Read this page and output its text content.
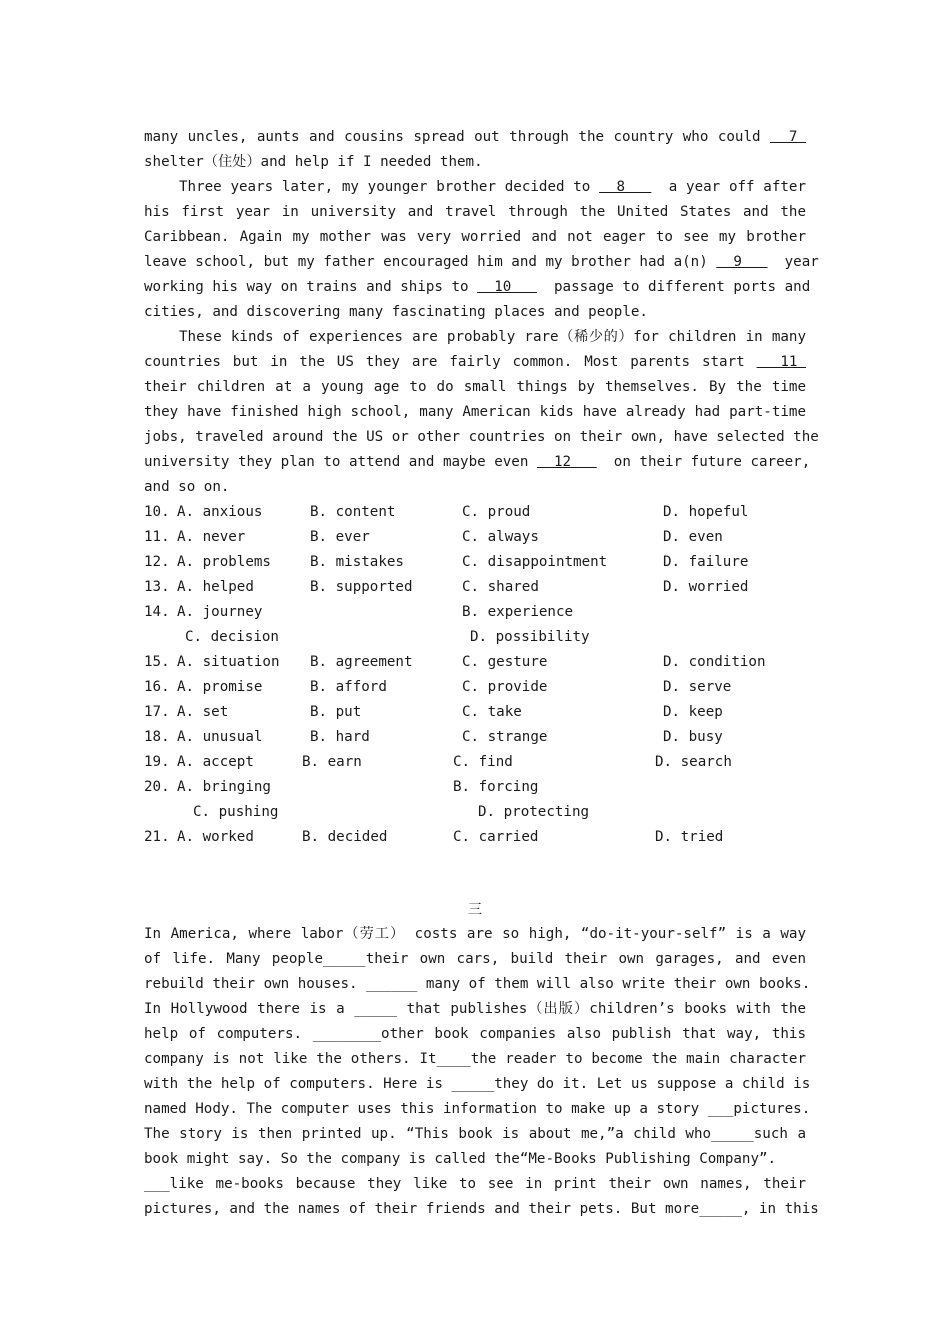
many uncles, aunts and cousins spread out through the country who could   7
shelter（住处）and help if I needed them.
Three years later, my younger brother decided to   8     a year off after
his first year in university and travel through the United States and the
Caribbean. Again my mother was very worried and not eager to see my brother
leave school, but my father encouraged him and my brother had a(n)   9     year
working his way on trains and ships to   10     passage to different ports and
cities, and discovering many fascinating places and people.
These kinds of experiences are probably rare（稀少的）for children in many
countries but in the US they are fairly common. Most parents start   11
their children at a young age to do small things by themselves. By the time
they have finished high school, many American kids have already had part-time
jobs, traveled around the US or other countries on their own, have selected the
university they plan to attend and maybe even   12     on their future career,
and so on.
10. A. anxious	B. content	C. proud	D. hopeful
11. A. never	B. ever	C. always	D. even
12. A. problems	B. mistakes	C. disappointment	D. failure
13. A. helped	B. supported	C. shared	D. worried
14. A. journey	B. experience
C. decision	D. possibility
15. A. situation B. agreement	C. gesture	D. condition
16. A. promise	B. afford	C. provide	D. serve
17. A. set	B. put	C. take	D. keep
18. A. unusual	B. hard	C. strange	D. busy
19. A. accept	B. earn	C. find	D. search
20. A. bringing	B. forcing
C. pushing	D. protecting
21. A. worked	B. decided	C. carried	D. tried
三
In America, where labor（劳工） costs are so high, “do-it-your-self” is a way
of life. Many people_____their own cars, build their own garages, and even
rebuild their own houses. ______ many of them will also write their own books.
In Hollywood there is a _____ that publishes（出版）children’s books with the
help of computers. ________other book companies also publish that way, this
company is not like the others. It____the reader to become the main character
with the help of computers. Here is _____they do it. Let us suppose a child is
named Hody. The computer uses this information to make up a story ___pictures.
The story is then printed up. “This book is about me,”a child who_____such a
book might say. So the company is called the“Me-Books Publishing Company”.
___like me-books because they like to see in print their own names, their
pictures, and the names of their friends and their pets. But more_____, in this
